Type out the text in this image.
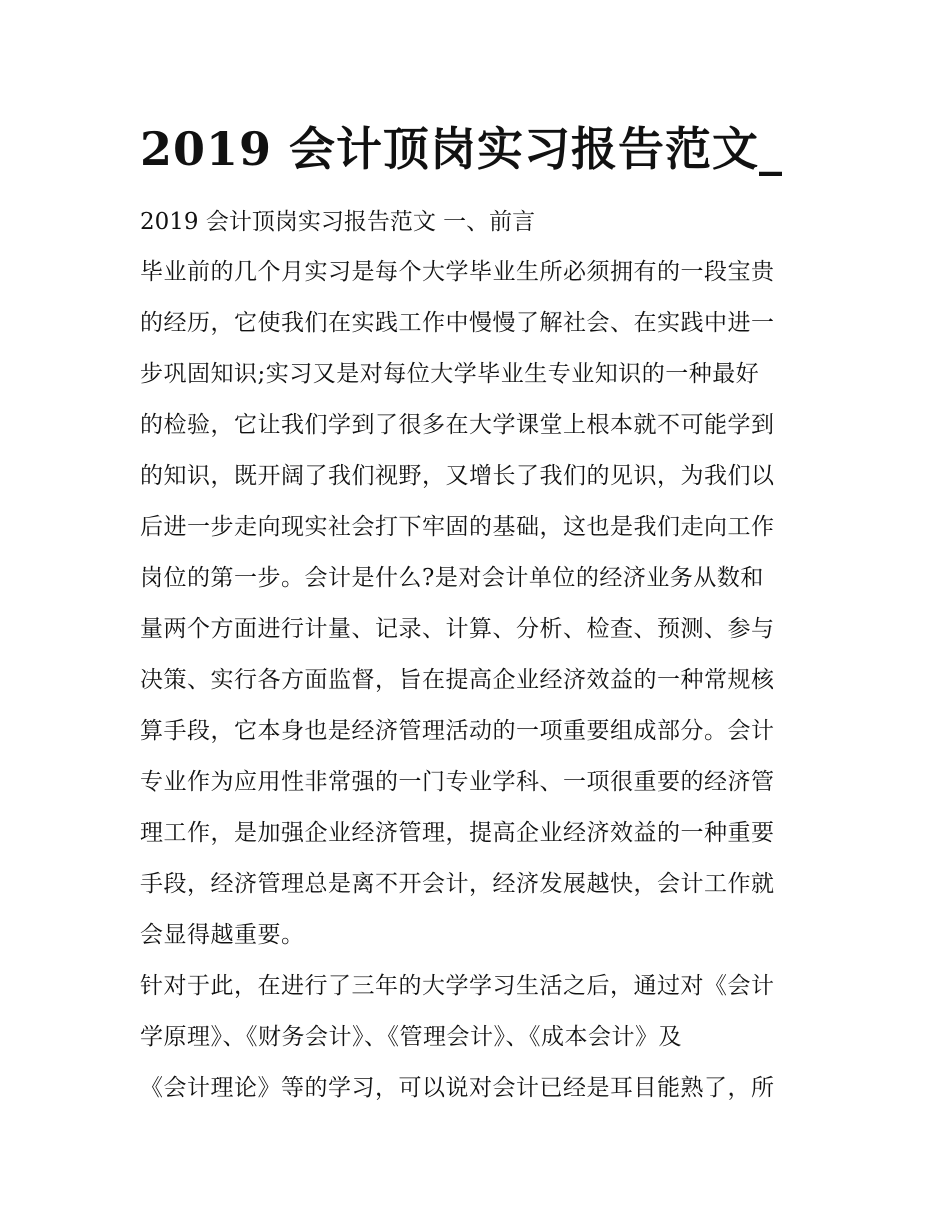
2019 会计顶岗实习报告范文_
2019 会计顶岗实习报告范文 一、前言
毕业前的几个月实习是每个大学毕业生所必须拥有的一段宝贵
的经历，它使我们在实践工作中慢慢了解社会、在实践中进一
步巩固知识;实习又是对每位大学毕业生专业知识的一种最好
的检验，它让我们学到了很多在大学课堂上根本就不可能学到
的知识，既开阔了我们视野，又增长了我们的见识，为我们以
后进一步走向现实社会打下牢固的基础，这也是我们走向工作
岗位的第一步。会计是什么?是对会计单位的经济业务从数和
量两个方面进行计量、记录、计算、分析、检查、预测、参与
决策、实行各方面监督，旨在提高企业经济效益的一种常规核
算手段，它本身也是经济管理活动的一项重要组成部分。会计
专业作为应用性非常强的一门专业学科、一项很重要的经济管
理工作，是加强企业经济管理，提高企业经济效益的一种重要
手段，经济管理总是离不开会计，经济发展越快，会计工作就
会显得越重要。
针对于此，在进行了三年的大学学习生活之后，通过对《会计
学原理》、《财务会计》、《管理会计》、《成本会计》及
《会计理论》等的学习，可以说对会计已经是耳目能熟了，所
